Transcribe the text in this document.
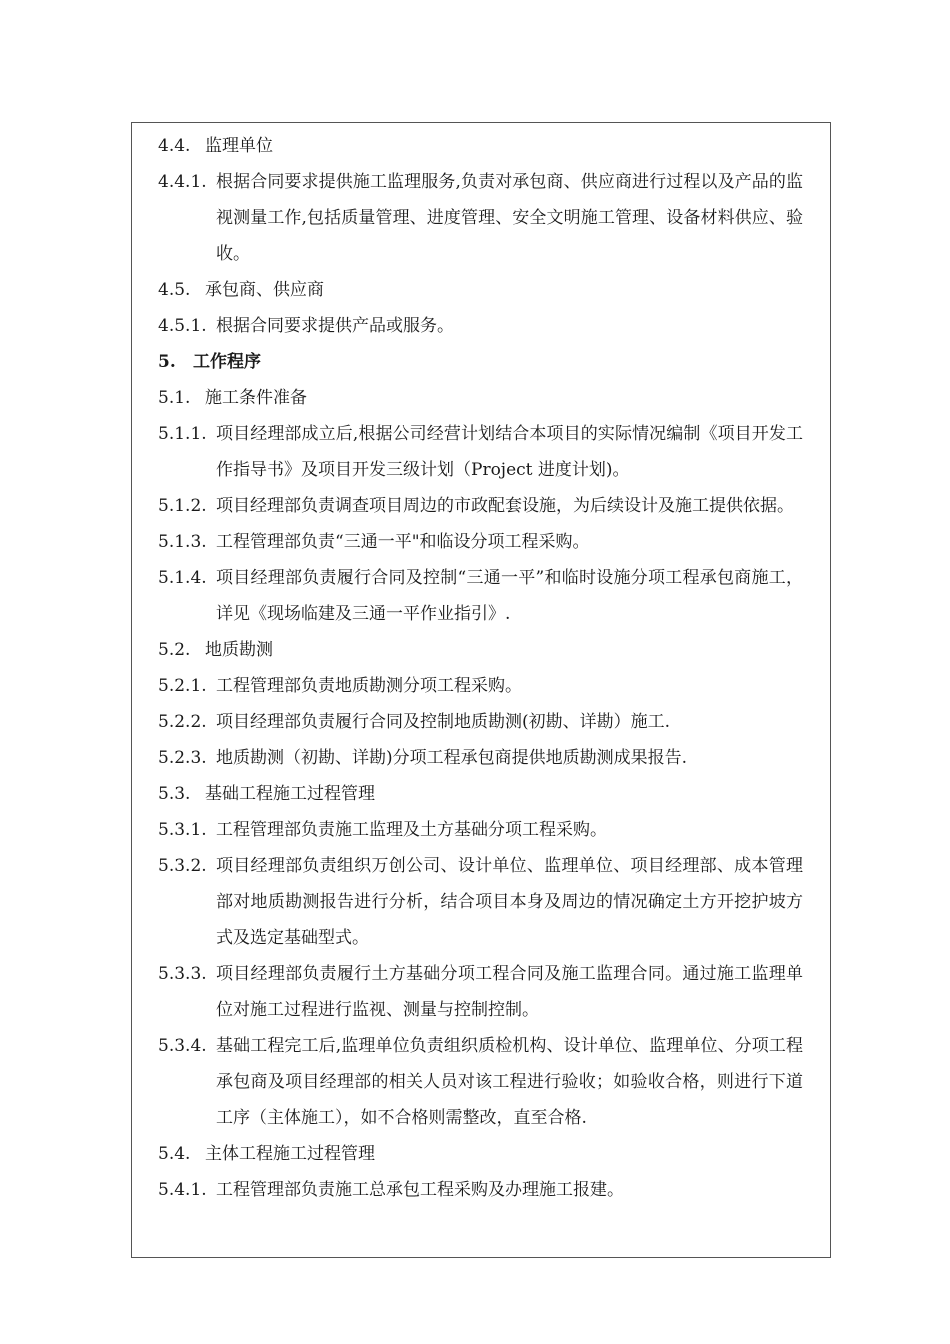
4.4. 监理单位
4.4.1. 根据合同要求提供施工监理服务,负责对承包商、供应商进行过程以及产品的监视测量工作,包括质量管理、进度管理、安全文明施工管理、设备材料供应、验收。
4.5. 承包商、供应商
4.5.1. 根据合同要求提供产品或服务。
5.	工作程序
5.1. 施工条件准备
5.1.1. 项目经理部成立后,根据公司经营计划结合本项目的实际情况编制《项目开发工作指导书》及项目开发三级计划（Project 进度计划)。
5.1.2. 项目经理部负责调查项目周边的市政配套设施，为后续设计及施工提供依据。
5.1.3. 工程管理部负责“三通一平"和临设分项工程采购。
5.1.4. 项目经理部负责履行合同及控制“三通一平”和临时设施分项工程承包商施工，详见《现场临建及三通一平作业指引》.
5.2. 地质勘测
5.2.1. 工程管理部负责地质勘测分项工程采购。
5.2.2. 项目经理部负责履行合同及控制地质勘测(初勘、详勘）施工.
5.2.3. 地质勘测（初勘、详勘)分项工程承包商提供地质勘测成果报告.
5.3. 基础工程施工过程管理
5.3.1. 工程管理部负责施工监理及土方基础分项工程采购。
5.3.2. 项目经理部负责组织万创公司、设计单位、监理单位、项目经理部、成本管理部对地质勘测报告进行分析，结合项目本身及周边的情况确定土方开挖护坡方式及选定基础型式。
5.3.3. 项目经理部负责履行土方基础分项工程合同及施工监理合同。通过施工监理单位对施工过程进行监视、测量与控制控制。
5.3.4. 基础工程完工后,监理单位负责组织质检机构、设计单位、监理单位、分项工程承包商及项目经理部的相关人员对该工程进行验收；如验收合格，则进行下道工序（主体施工），如不合格则需整改，直至合格.
5.4. 主体工程施工过程管理
5.4.1. 工程管理部负责施工总承包工程采购及办理施工报建。
